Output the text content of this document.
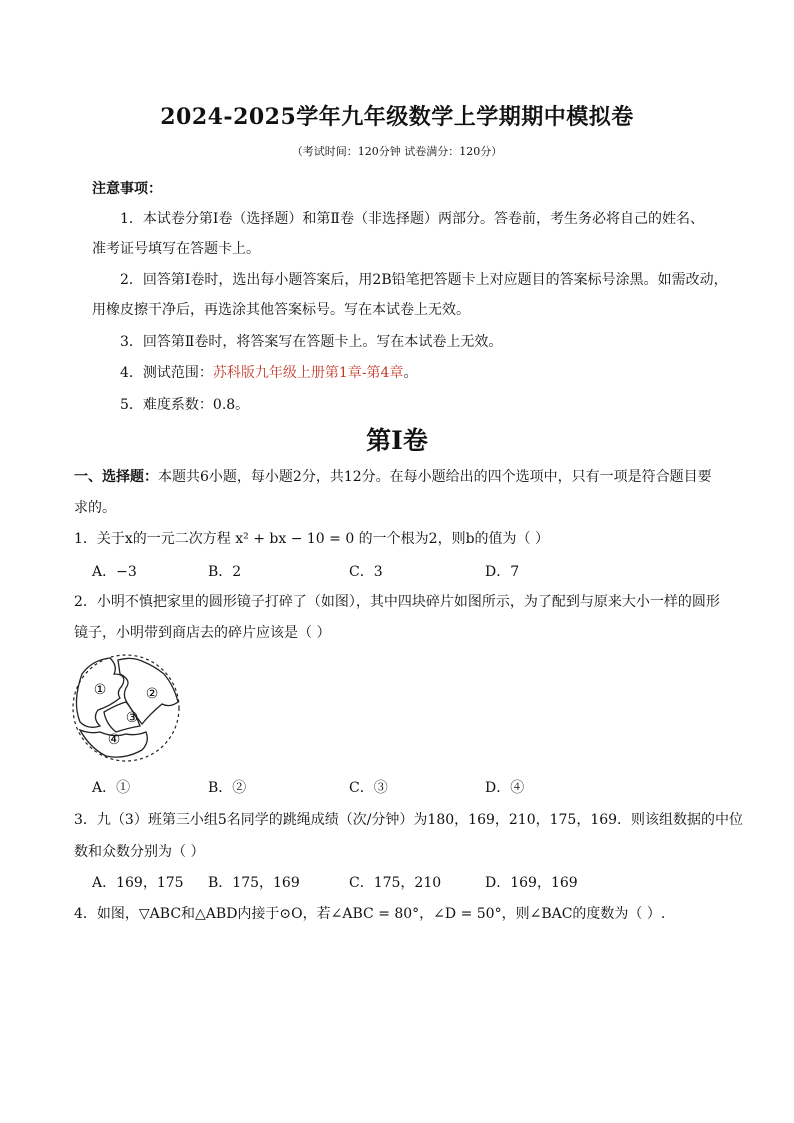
2024-2025学年九年级数学上学期期中模拟卷
（考试时间：120分钟 试卷满分：120分）
注意事项：
1．本试卷分第Ⅰ卷（选择题）和第Ⅱ卷（非选择题）两部分。答卷前，考生务必将自己的姓名、
准考证号填写在答题卡上。
2．回答第Ⅰ卷时，选出每小题答案后，用2B铅笔把答题卡上对应题目的答案标号涂黑。如需改动，
用橡皮擦干净后，再选涂其他答案标号。写在本试卷上无效。
3．回答第Ⅱ卷时，将答案写在答题卡上。写在本试卷上无效。
4．测试范围：苏科版九年级上册第1章-第4章。
5．难度系数：0.8。
第Ⅰ卷
一、选择题：本题共6小题，每小题2分，共12分。在每小题给出的四个选项中，只有一项是符合题目要
求的。
1．关于x的一元二次方程 x² + bx − 10 = 0 的一个根为2，则b的值为（ ）
A．−3	B．2	C．3	D．7
2．小明不慎把家里的圆形镜子打碎了（如图），其中四块碎片如图所示，为了配到与原来大小一样的圆形
镜子，小明带到商店去的碎片应该是（ ）
①	②
③
④
A．①	B．②	C．③	D．④
3．九（3）班第三小组5名同学的跳绳成绩（次/分钟）为180，169，210，175，169．则该组数据的中位
数和众数分别为（ ）
A．169，175 B．175，169	C．175，210	D．169，169
4．如图，▽ABC和△ABD内接于⊙O，若∠ABC = 80°，∠D = 50°，则∠BAC的度数为（ ）.
